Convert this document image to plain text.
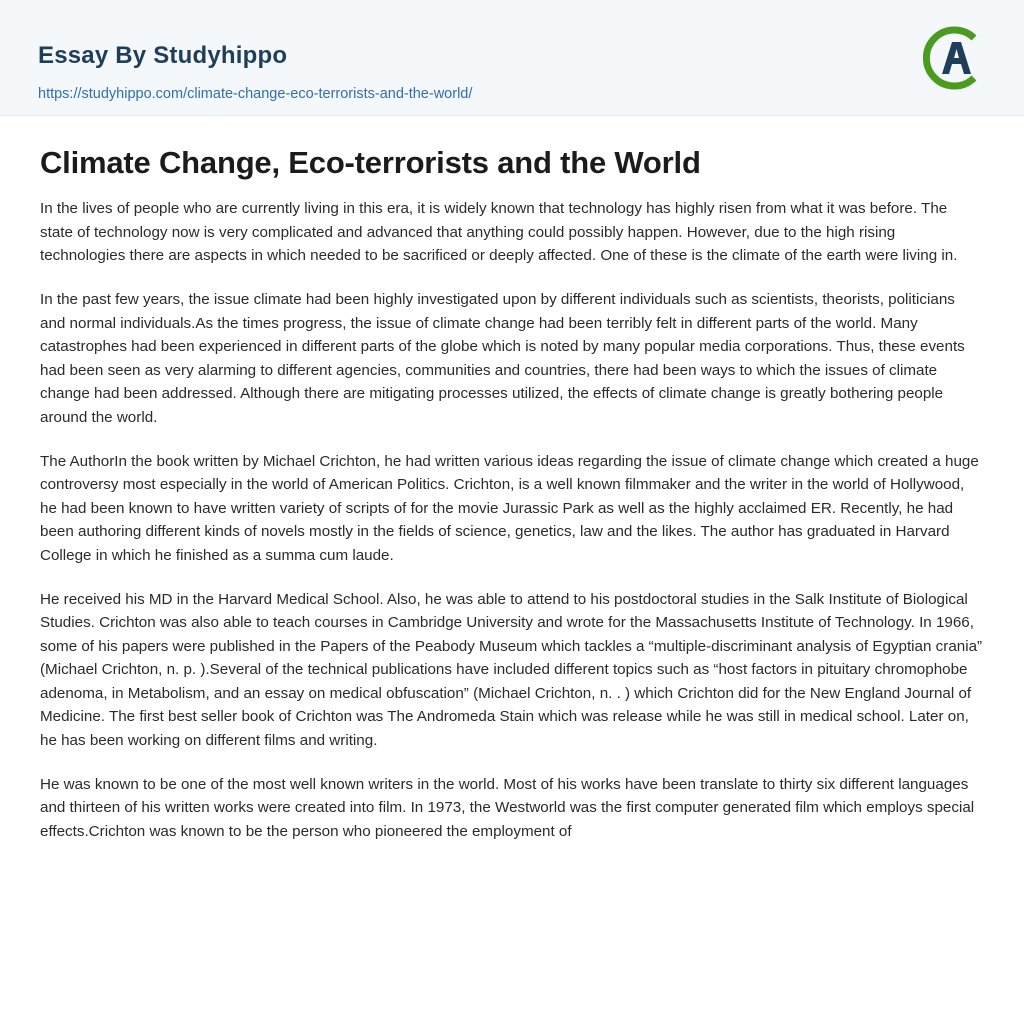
Essay By Studyhippo
https://studyhippo.com/climate-change-eco-terrorists-and-the-world/
Climate Change, Eco-terrorists and the World

In the lives of people who are currently living in this era, it is widely known that technology has highly risen from what it was before. The state of technology now is very complicated and advanced that anything could possibly happen. However, due to the high rising technologies there are aspects in which needed to be sacrificed or deeply affected. One of these is the climate of the earth were living in.

In the past few years, the issue climate had been highly investigated upon by different individuals such as scientists, theorists, politicians and normal individuals.As the times progress, the issue of climate change had been terribly felt in different parts of the world. Many catastrophes had been experienced in different parts of the globe which is noted by many popular media corporations. Thus, these events had been seen as very alarming to different agencies, communities and countries, there had been ways to which the issues of climate change had been addressed. Although there are mitigating processes utilized, the effects of climate change is greatly bothering people around the world.

The AuthorIn the book written by Michael Crichton, he had written various ideas regarding the issue of climate change which created a huge controversy most especially in the world of American Politics. Crichton, is a well known filmmaker and the writer in the world of Hollywood, he had been known to have written variety of scripts of for the movie Jurassic Park as well as the highly acclaimed ER. Recently, he had been authoring different kinds of novels mostly in the fields of science, genetics, law and the likes. The author has graduated in Harvard College in which he finished as a summa cum laude.

He received his MD in the Harvard Medical School. Also, he was able to attend to his postdoctoral studies in the Salk Institute of Biological Studies. Crichton was also able to teach courses in Cambridge University and wrote for the Massachusetts Institute of Technology. In 1966, some of his papers were published in the Papers of the Peabody Museum which tackles a “multiple-discriminant analysis of Egyptian crania” (Michael Crichton, n. p. ).Several of the technical publications have included different topics such as “host factors in pituitary chromophobe adenoma, in Metabolism, and an essay on medical obfuscation” (Michael Crichton, n. . ) which Crichton did for the New England Journal of Medicine. The first best seller book of Crichton was The Andromeda Stain which was release while he was still in medical school. Later on, he has been working on different films and writing.

He was known to be one of the most well known writers in the world. Most of his works have been translate to thirty six different languages and thirteen of his written works were created into film. In 1973, the Westworld was the first computer generated film which employs special effects.Crichton was known to be the person who pioneered the employment of
